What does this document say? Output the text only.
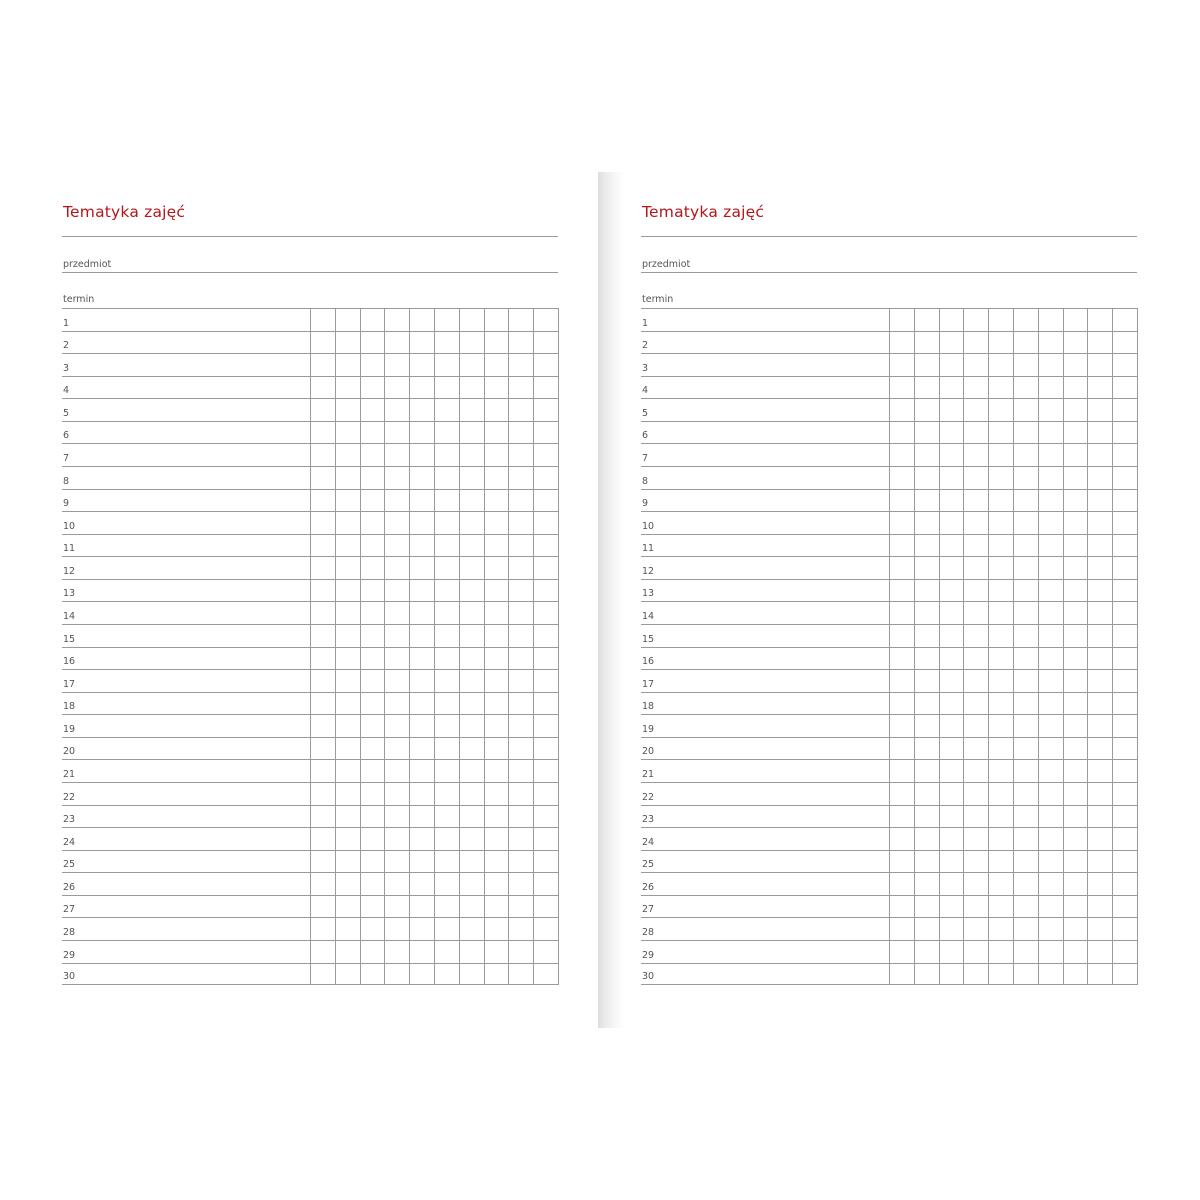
Tematyka zajęć
przedmiot
termin
1
2
3
4
5
6
7
8
9
10
11
12
13
14
15
16
17
18
19
20
21
22
23
24
25
26
27
28
29
30
Tematyka zajęć
przedmiot
termin
1
2
3
4
5
6
7
8
9
10
11
12
13
14
15
16
17
18
19
20
21
22
23
24
25
26
27
28
29
30
